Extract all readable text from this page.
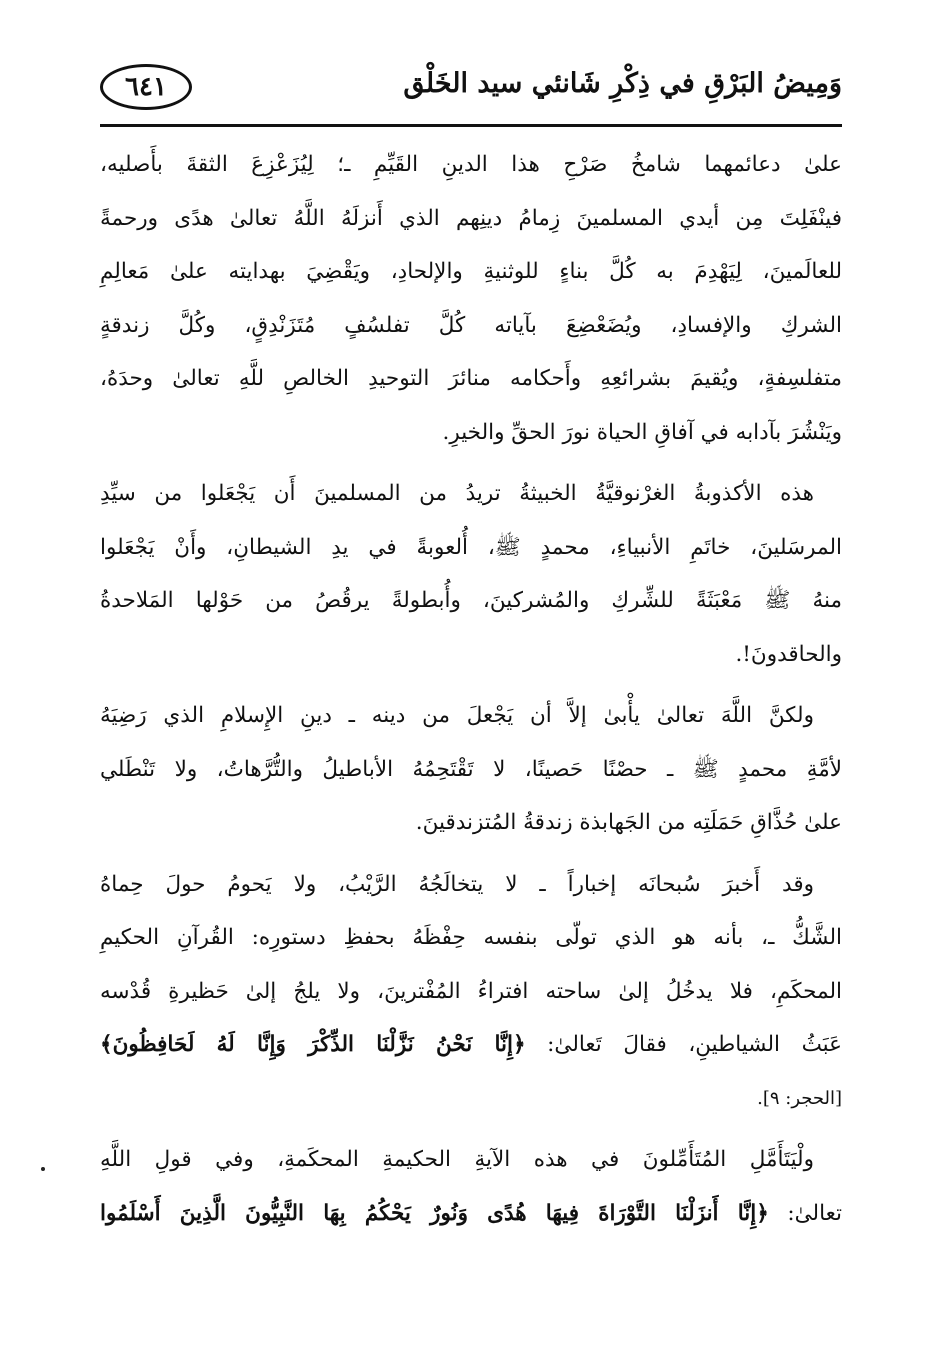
٦٤١	وَمِيضُ البَرْقِ في ذِكْرِ شَانئي سيد الخَلْق
علىٰ دعائمهما شامخُ صَرْحِ هذا الدينِ القَيِّمِ ـ؛ لِيُزَعْزِعَ الثقةَ بأَصليه،
فينْفَلِتَ مِن أيدي المسلمينَ زِمامُ دينِهم الذي أَنزلَهُ اللَّهُ تعالىٰ هدًى ورحمةً
للعالَمينَ، لِيَهْدِمَ به كُلَّ بناءٍ للوثنيةِ والإلحادِ، ويَقْضِيَ بهدايته علىٰ مَعالِمِ
الشركِ والإفسادِ، ويُضَعْضِعَ بآياته كُلَّ تفلسُفٍ مُتَزَنْدِقٍ، وكُلَّ زندقةٍ
متفلسِفةٍ، ويُقيمَ بشرائعِهِ وأَحكامه منائرَ التوحيدِ الخالصِ للَّهِ تعالىٰ وحدَهُ،
ويَنْشُرَ بآدابه في آفاقِ الحياة نورَ الحقِّ والخيرِ.
هذه الأكذوبةُ الغرْنوقيَّةُ الخبيثةُ تريدُ من المسلمينَ أَن يَجْعَلوا من سيِّدِ
المرسَلينَ، خاتَمِ الأنبياءِ، محمدٍ ﷺ، أُلعوبةً في يدِ الشيطانِ، وأَنْ يَجْعَلوا
منهُ ﷺ مَعْبَثَةً للشِّركِ والمُشركينَ، وأُبطولةً يرقُصُ من حَوْلها المَلاحدةُ
والحاقدونَ!.
ولكنَّ اللَّهَ تعالىٰ يأْبىٰ إلاَّ أن يَجْعلَ من دينه ـ دينِ الإِسلامِ الذي رَضِيَهُ
لأمَّةِ محمدٍ ﷺ ـ حصْنًا حَصينًا، لا تَقْتَحِمُهُ الأباطيلُ والتُّرَّهاتُ، ولا تَنْطَلي
علىٰ حُذَّاقِ حَمَلَتِه من الجَهابذة زندقةُ المُتزندقينَ.
وقد أَخبرَ سُبحانَه إخباراً ـ لا يتخالَجُهُ الرَّيْبُ، ولا يَحومُ حولَ حِماهُ
الشَّكُّ ـ، بأنه هو الذي تولّى بنفسه حِفْظَهُ بحفظِ دستورِه: القُرآنِ الحكيمِ
المحكَمِ، فلا يدخُلُ إلىٰ ساحته افتراءُ المُفْترينَ، ولا يلجُ إلىٰ حَظيرةِ قُدْسه
عَبَثُ الشياطينِ، فقالَ تَعالىٰ: ﴿إِنَّا نَحْنُ نَزَّلْنَا الذِّكْرَ وَإِنَّا لَهُ لَحَافِظُونَ﴾
[الحجر: ٩].
ولْيَتَأَمَّلِ المُتَأَمِّلونَ في هذه الآيةِ الحكيمةِ المحكَمةِ، وفي قولِ اللَّهِ
تعالىٰ: ﴿إِنَّا أَنزَلْنَا التَّوْرَاةَ فِيهَا هُدًى وَنُورٌ يَحْكُمُ بِهَا النَّبِيُّونَ الَّذِينَ أَسْلَمُوا
